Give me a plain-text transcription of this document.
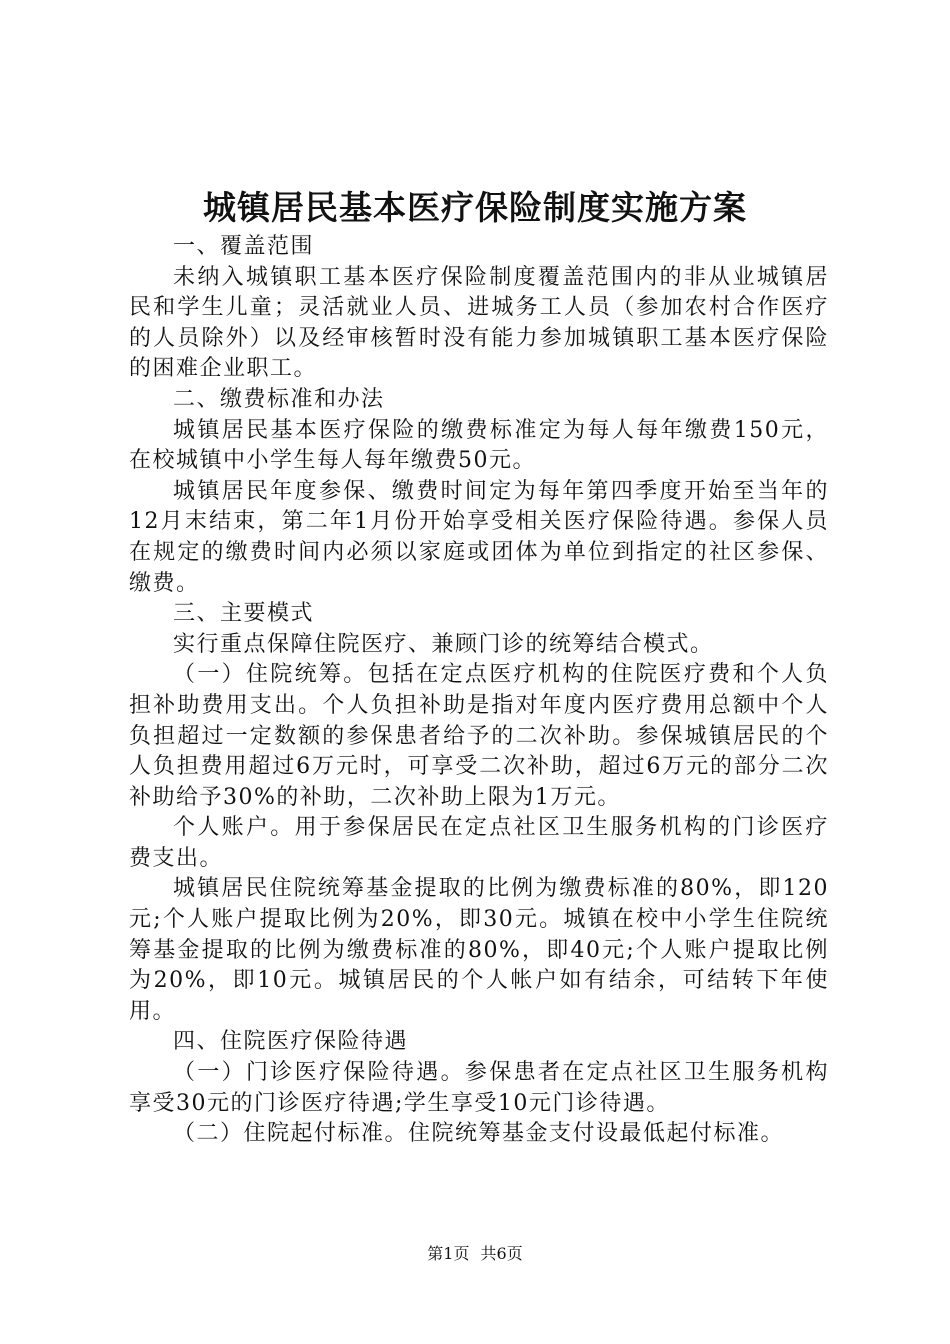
城镇居民基本医疗保险制度实施方案

一、覆盖范围

未纳入城镇职工基本医疗保险制度覆盖范围内的非从业城镇居民和学生儿童；灵活就业人员、进城务工人员（参加农村合作医疗的人员除外）以及经审核暂时没有能力参加城镇职工基本医疗保险的困难企业职工。

二、缴费标准和办法

城镇居民基本医疗保险的缴费标准定为每人每年缴费150元，在校城镇中小学生每人每年缴费50元。

城镇居民年度参保、缴费时间定为每年第四季度开始至当年的12月末结束，第二年1月份开始享受相关医疗保险待遇。参保人员在规定的缴费时间内必须以家庭或团体为单位到指定的社区参保、缴费。

三、主要模式

实行重点保障住院医疗、兼顾门诊的统筹结合模式。

（一）住院统筹。包括在定点医疗机构的住院医疗费和个人负担补助费用支出。个人负担补助是指对年度内医疗费用总额中个人负担超过一定数额的参保患者给予的二次补助。参保城镇居民的个人负担费用超过6万元时，可享受二次补助，超过6万元的部分二次补助给予30%的补助，二次补助上限为1万元。

个人账户。用于参保居民在定点社区卫生服务机构的门诊医疗费支出。

城镇居民住院统筹基金提取的比例为缴费标准的80%，即120元;个人账户提取比例为20%，即30元。城镇在校中小学生住院统筹基金提取的比例为缴费标准的80%，即40元;个人账户提取比例为20%，即10元。城镇居民的个人帐户如有结余，可结转下年使用。

四、住院医疗保险待遇

（一）门诊医疗保险待遇。参保患者在定点社区卫生服务机构享受30元的门诊医疗待遇;学生享受10元门诊待遇。

（二）住院起付标准。住院统筹基金支付设最低起付标准。

第1页 共6页
